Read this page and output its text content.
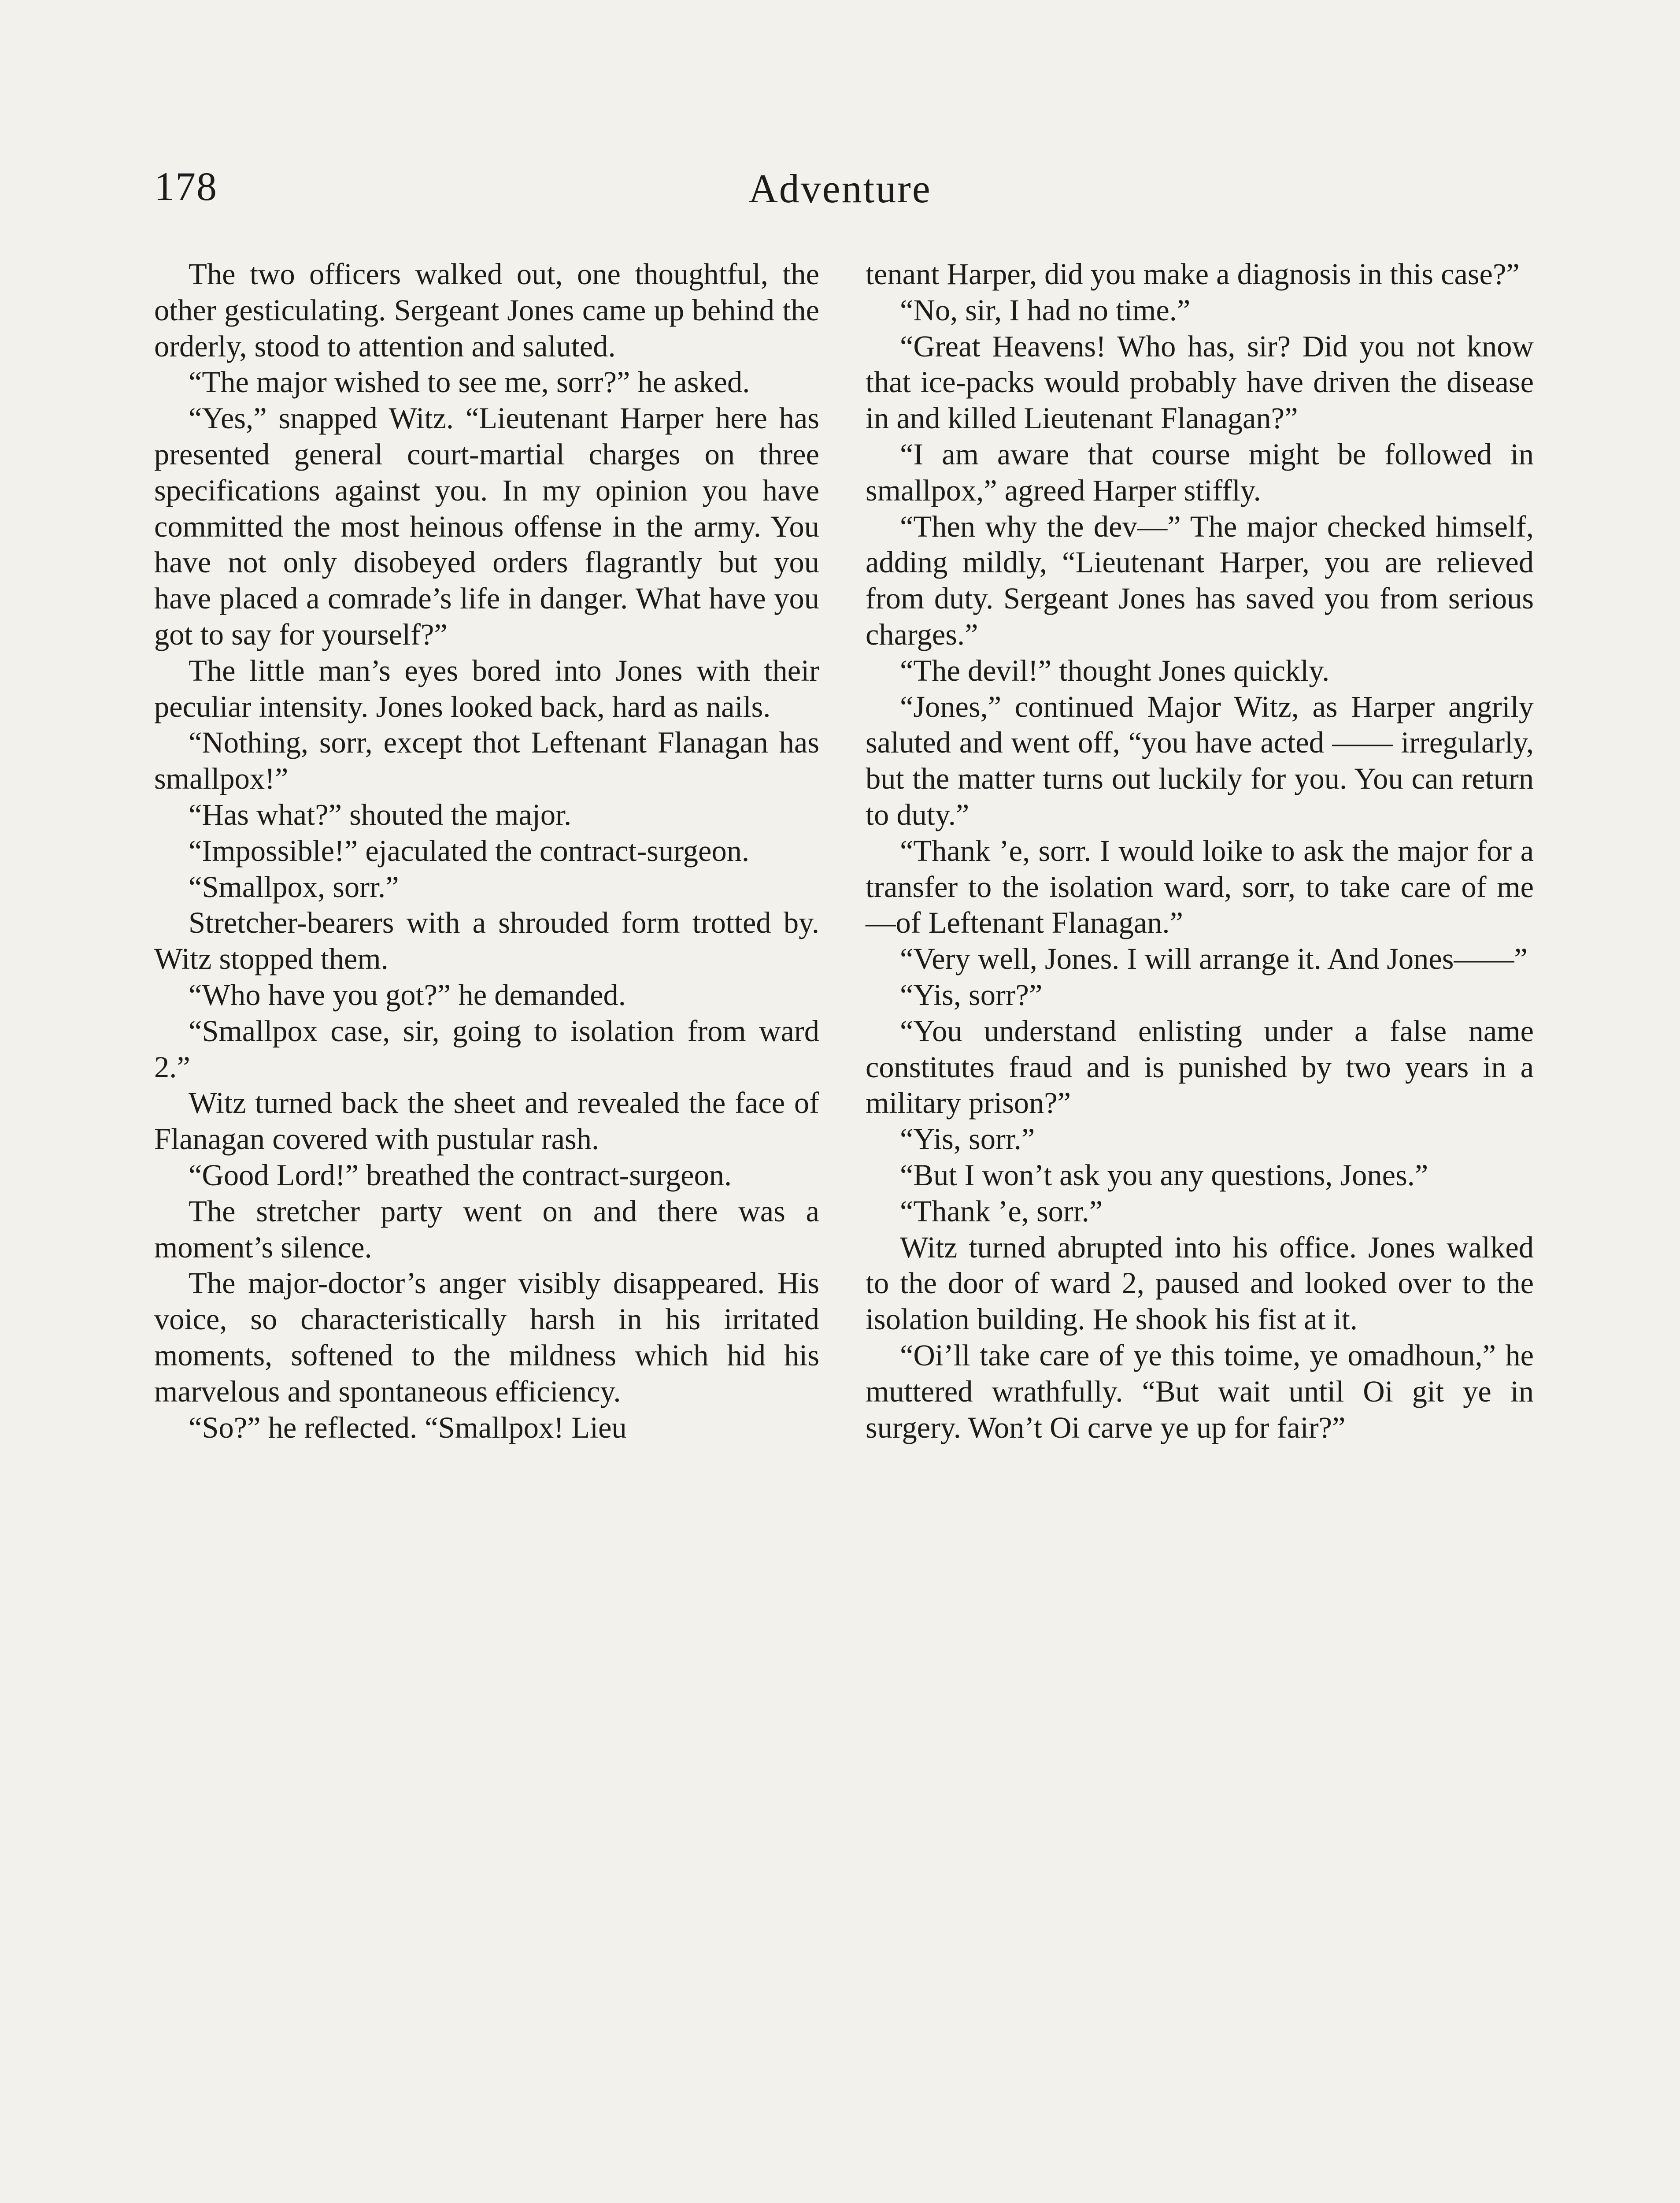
178	Adventure

The two officers walked out, one thoughtful, the other gesticulating. Sergeant Jones came up behind the orderly, stood to attention and saluted.

“The major wished to see me, sorr?” he asked.

“Yes,” snapped Witz. “Lieutenant Harper here has presented general court-martial charges on three specifications against you. In my opinion you have committed the most heinous offense in the army. You have not only disobeyed orders flagrantly but you have placed a comrade’s life in danger. What have you got to say for yourself?”

The little man’s eyes bored into Jones with their peculiar intensity. Jones looked back, hard as nails.

“Nothing, sorr, except thot Leftenant Flanagan has smallpox!”

“Has what?” shouted the major.

“Impossible!” ejaculated the contract-surgeon.

“Smallpox, sorr.”

Stretcher-bearers with a shrouded form trotted by. Witz stopped them.

“Who have you got?” he demanded.

“Smallpox case, sir, going to isolation from ward 2.”

Witz turned back the sheet and revealed the face of Flanagan covered with pustular rash.

“Good Lord!” breathed the contract-surgeon.

The stretcher party went on and there was a moment’s silence.

The major-doctor’s anger visibly disappeared. His voice, so characteristically harsh in his irritated moments, softened to the mildness which hid his marvelous and spontaneous efficiency.

“So?” he reflected. “Smallpox! Lieu

tenant Harper, did you make a diagnosis in this case?”

“No, sir, I had no time.”

“Great Heavens! Who has, sir? Did you not know that ice-packs would probably have driven the disease in and killed Lieutenant Flanagan?”

“I am aware that course might be followed in smallpox,” agreed Harper stiffly.

“Then why the dev—” The major checked himself, adding mildly, “Lieutenant Harper, you are relieved from duty. Sergeant Jones has saved you from serious charges.”

“The devil!” thought Jones quickly.

“Jones,” continued Major Witz, as Harper angrily saluted and went off, “you have acted —— irregularly, but the matter turns out luckily for you. You can return to duty.”

“Thank ’e, sorr. I would loike to ask the major for a transfer to the isolation ward, sorr, to take care of me—of Leftenant Flanagan.”

“Very well, Jones. I will arrange it. And Jones——”

“Yis, sorr?”

“You understand enlisting under a false name constitutes fraud and is punished by two years in a military prison?”

“Yis, sorr.”

“But I won’t ask you any questions, Jones.”

“Thank ’e, sorr.”

Witz turned abrupted into his office. Jones walked to the door of ward 2, paused and looked over to the isolation building. He shook his fist at it.

“Oi’ll take care of ye this toime, ye omadhoun,” he muttered wrathfully. “But wait until Oi git ye in surgery. Won’t Oi carve ye up for fair?”
